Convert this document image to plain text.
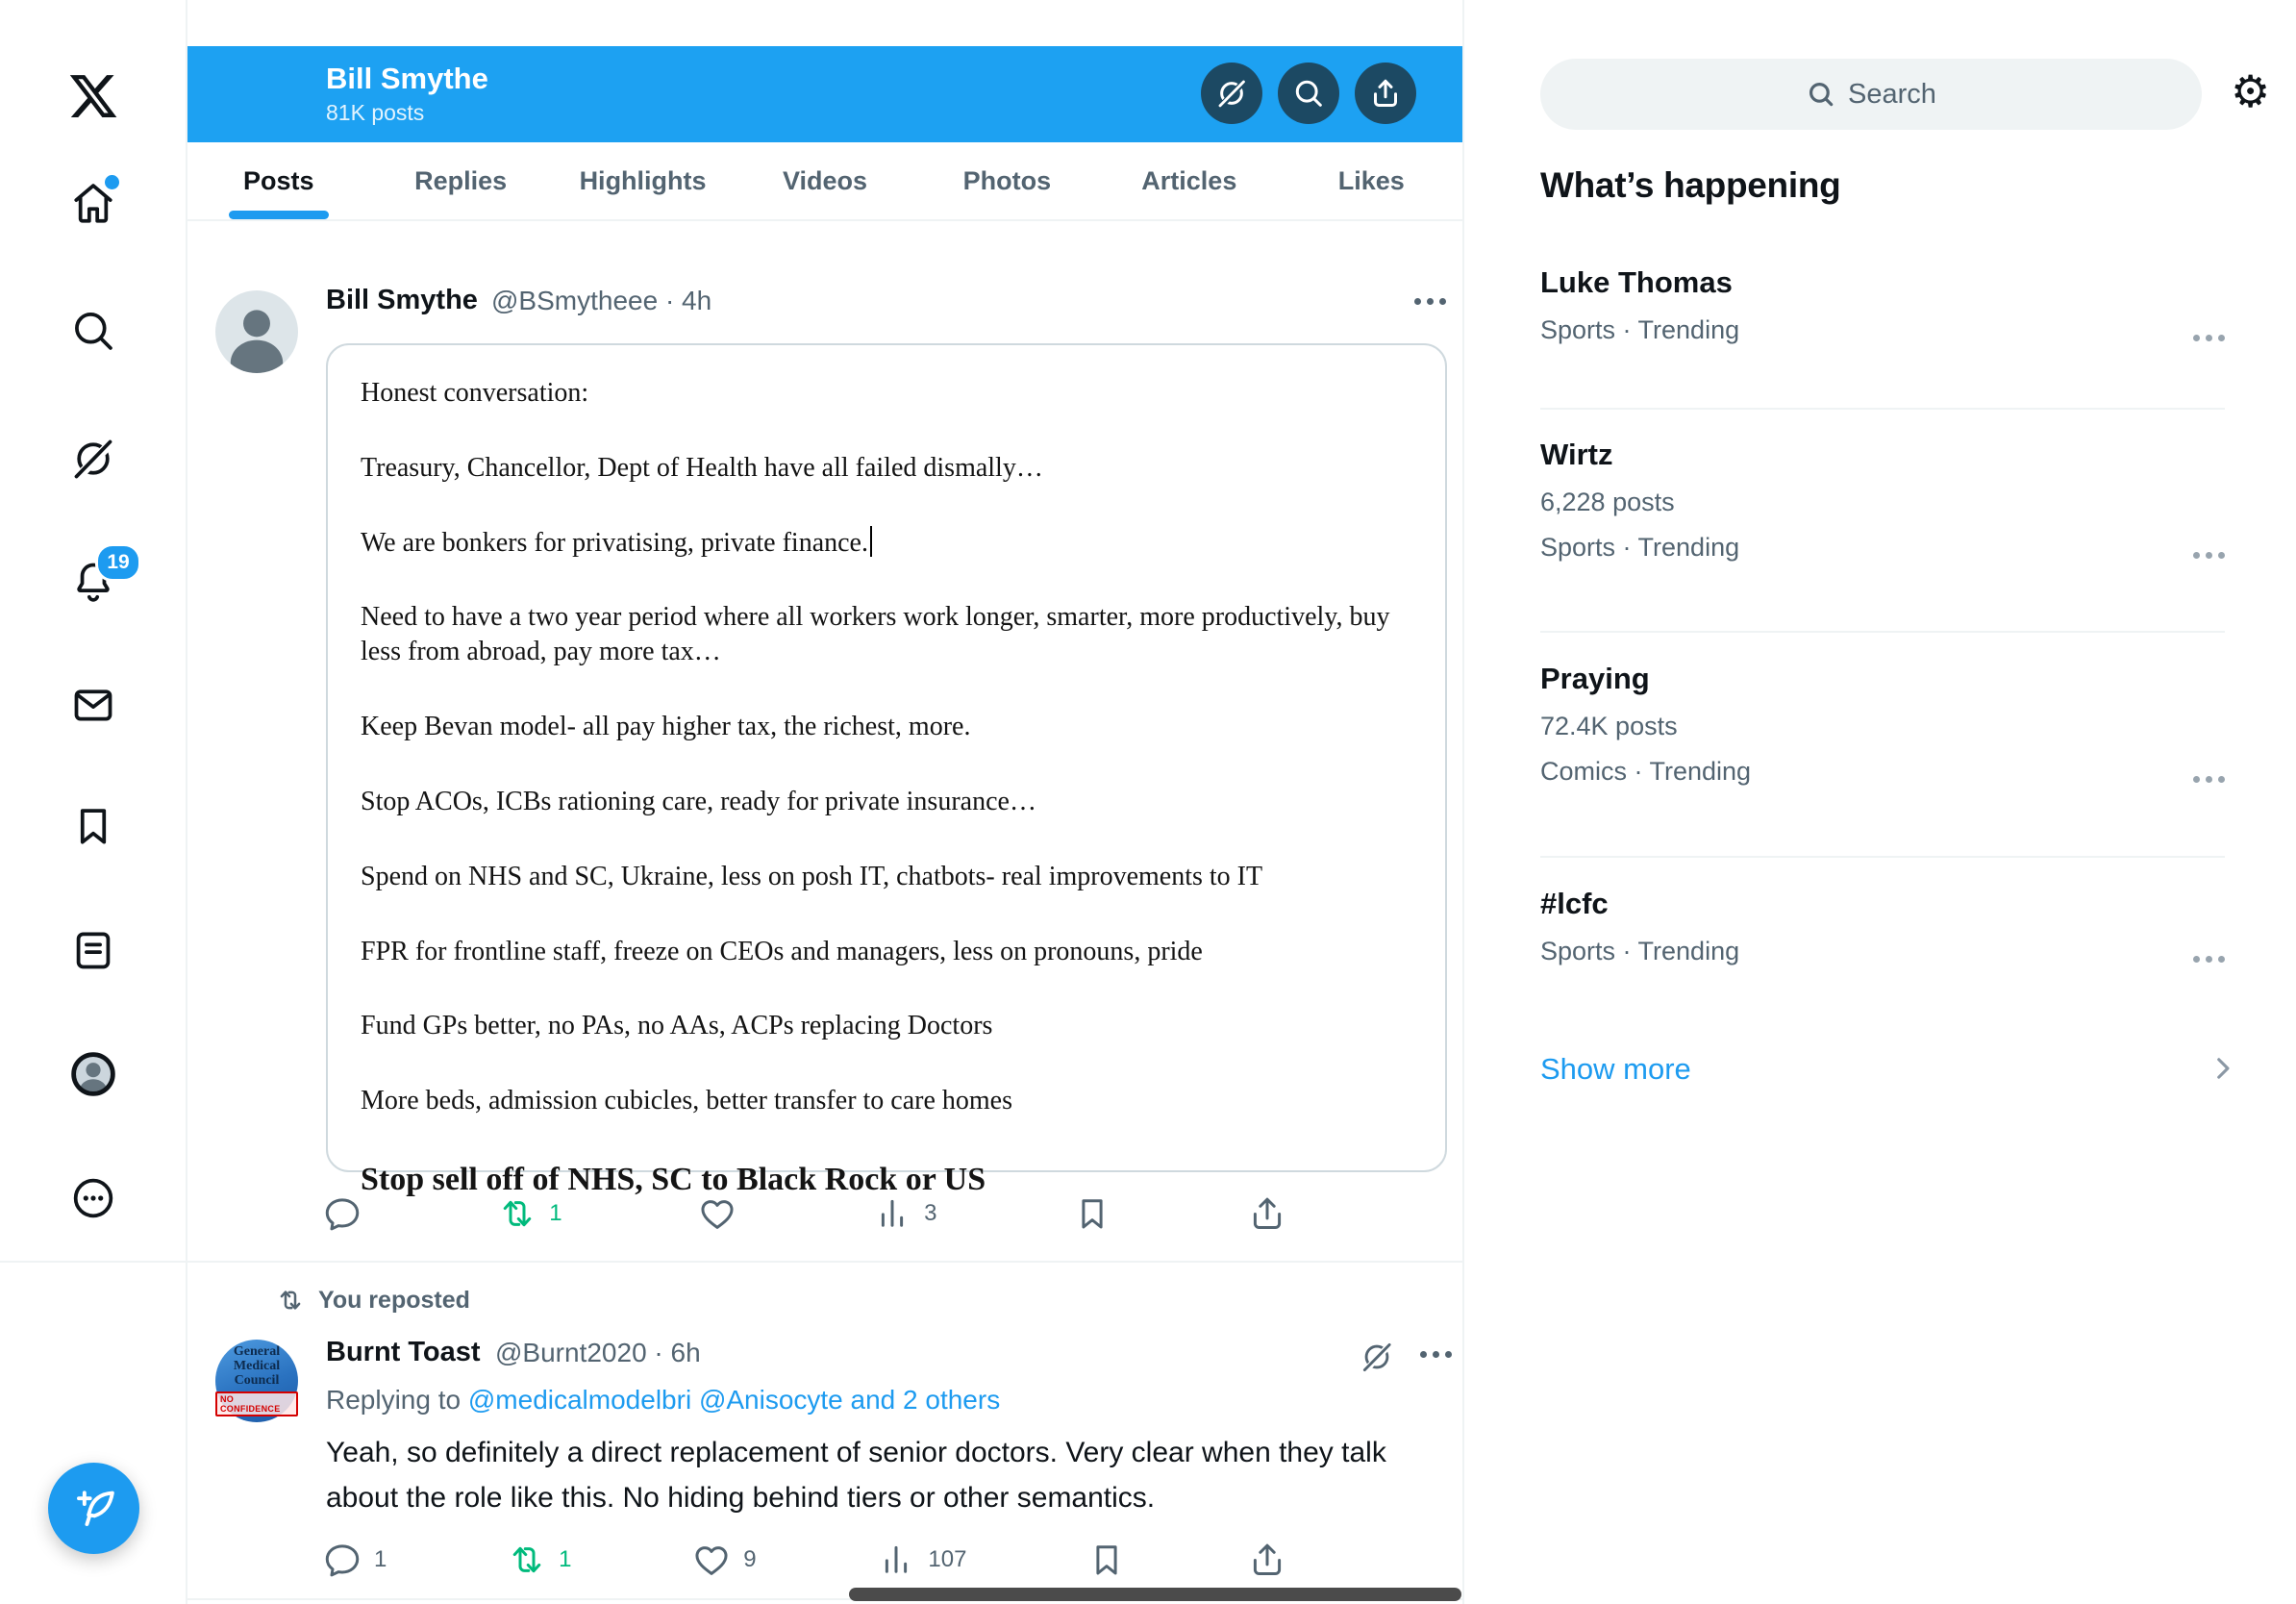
19
Bill Smythe
81K posts
Posts	Replies	Highlights	Videos	Photos	Articles	Likes
Bill Smythe @BSmytheee · 4h

Honest conversation:

Treasury, Chancellor, Dept of Health have all failed dismally…

We are bonkers for privatising, private finance.

Need to have a two year period where all workers work longer, smarter, more productively, buy less from abroad, pay more tax…

Keep Bevan model- all pay higher tax, the richest, more.

Stop ACOs, ICBs rationing care, ready for private insurance…

Spend on NHS and SC, Ukraine, less on posh IT, chatbots- real improvements to IT

FPR for frontline staff, freeze on CEOs and managers, less on pronouns, pride

Fund GPs better, no PAs, no AAs, ACPs replacing Doctors

More beds, admission cubicles, better transfer to care homes

Stop sell off of NHS, SC to Black Rock or US

1	3
You reposted
General Medical Council
NO CONFIDENCE
Burnt Toast @Burnt2020 · 6h
Replying to @medicalmodelbri @Anisocyte and 2 others
Yeah, so definitely a direct replacement of senior doctors. Very clear when they talk about the role like this. No hiding behind tiers or other semantics.
1	1	9	107
Search	⚙
What’s happening
Luke Thomas
Sports · Trending
Wirtz
6,228 posts
Sports · Trending
Praying
72.4K posts
Comics · Trending
#lcfc
Sports · Trending
Show more
